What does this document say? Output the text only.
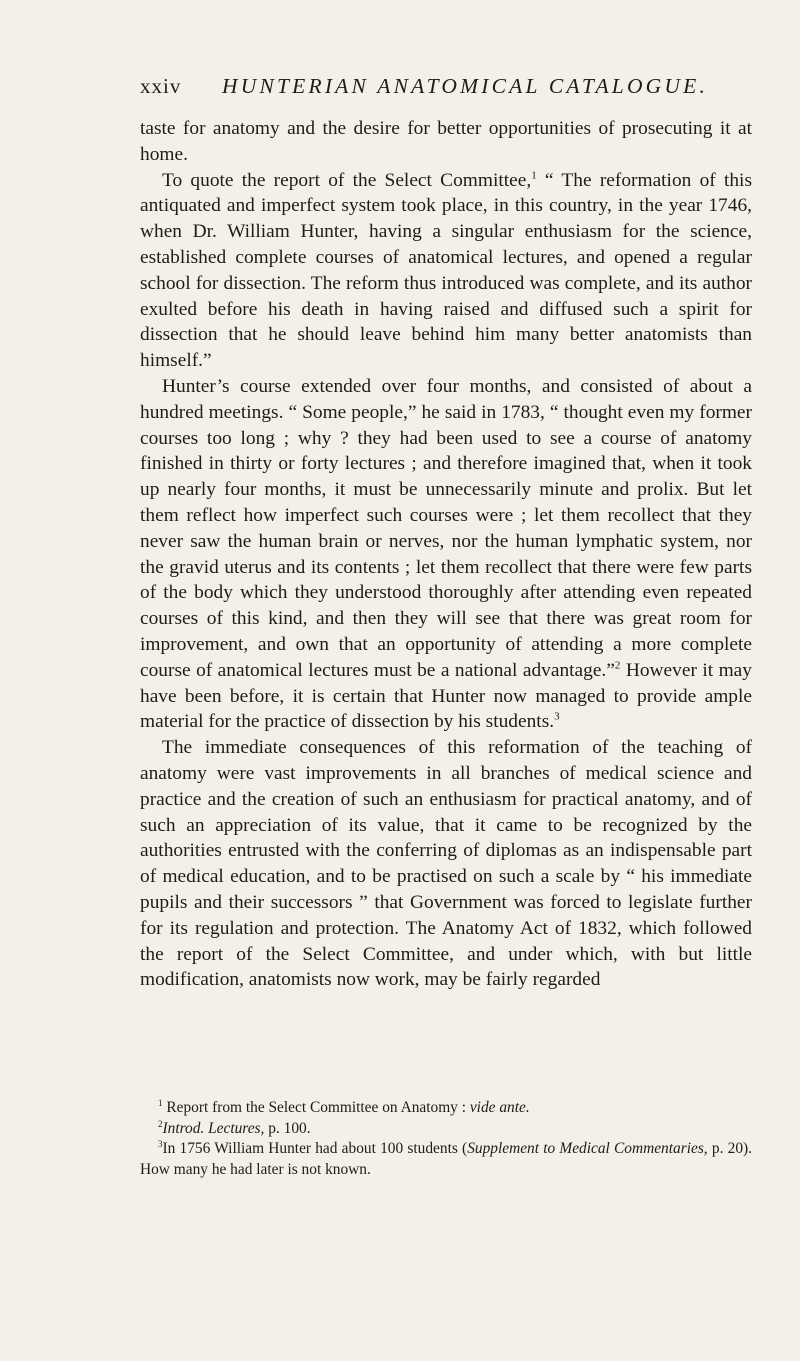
xxiv HUNTERIAN ANATOMICAL CATALOGUE.

taste for anatomy and the desire for better opportunities of prosecuting it at home.

To quote the report of the Select Committee,$^1$ “ The reformation of this antiquated and imperfect system took place, in this country, in the year 1746, when Dr. William Hunter, having a singular enthusiasm for the science, established complete courses of anatomical lectures, and opened a regular school for dissection. The reform thus introduced was complete, and its author exulted before his death in having raised and diffused such a spirit for dissection that he should leave behind him many better anatomists than himself.”

Hunter’s course extended over four months, and consisted of about a hundred meetings. “ Some people,” he said in 1783, “ thought even my former courses too long ; why ? they had been used to see a course of anatomy finished in thirty or forty lectures ; and therefore imagined that, when it took up nearly four months, it must be unnecessarily minute and prolix. But let them reflect how imperfect such courses were ; let them recollect that they never saw the human brain or nerves, nor the human lymphatic system, nor the gravid uterus and its contents ; let them recollect that there were few parts of the body which they understood thoroughly after attending even repeated courses of this kind, and then they will see that there was great room for improvement, and own that an opportunity of attending a more complete course of anatomical lectures must be a national advantage.”$^2$ However it may have been before, it is certain that Hunter now managed to provide ample material for the practice of dissection by his students.$^3$

The immediate consequences of this reformation of the teaching of anatomy were vast improvements in all branches of medical science and practice and the creation of such an enthusiasm for practical anatomy, and of such an appreciation of its value, that it came to be recognized by the authorities entrusted with the conferring of diplomas as an indispensable part of medical education, and to be practised on such a scale by “ his immediate pupils and their successors ” that Government was forced to legislate further for its regulation and protection. The Anatomy Act of 1832, which followed the report of the Select Committee, and under which, with but little modification, anatomists now work, may be fairly regarded

$^1$ Report from the Select Committee on Anatomy : vide ante.

$^2$Introd. Lectures, p. 100.

$^3$In 1756 William Hunter had about 100 students (Supplement to Medical Commentaries, p. 20). How many he had later is not known.
